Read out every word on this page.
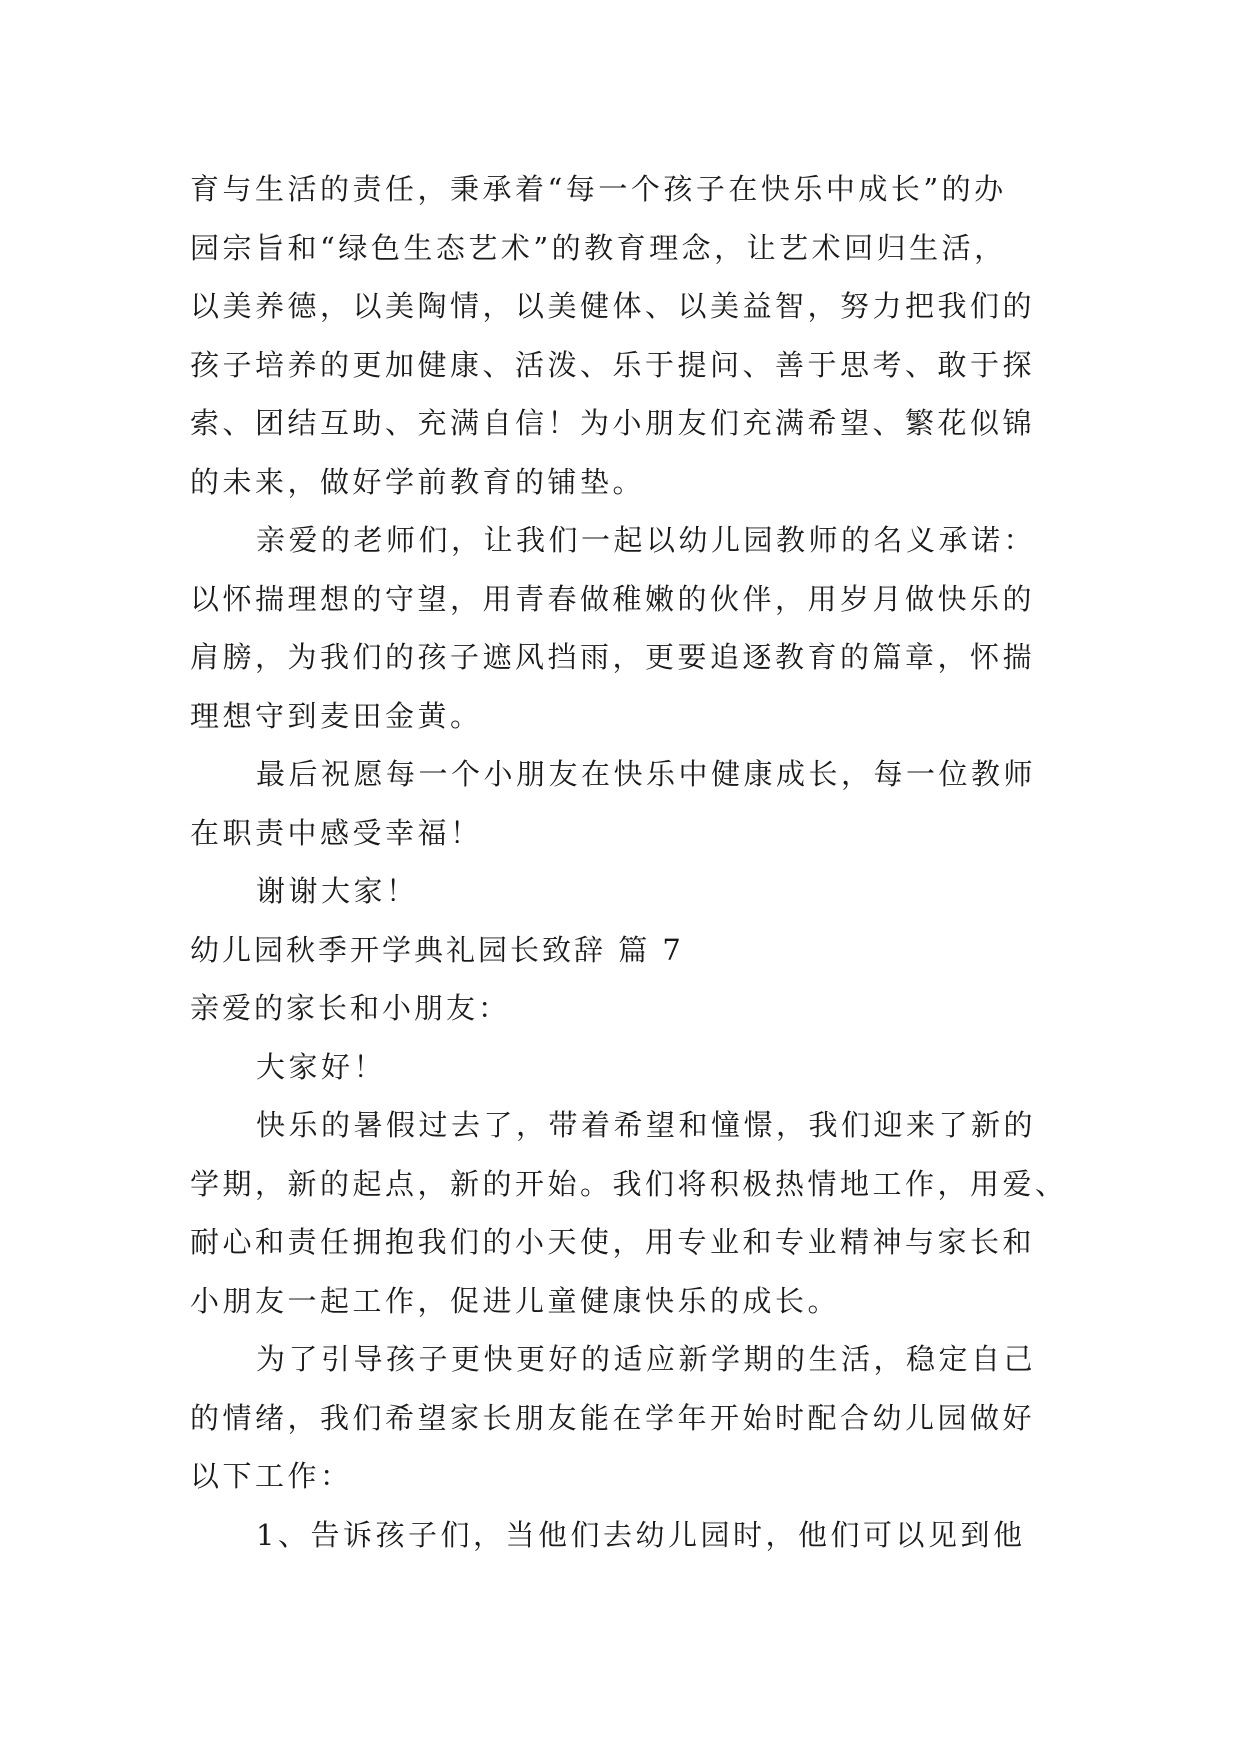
育与生活的责任，秉承着“每一个孩子在快乐中成长”的办
园宗旨和“绿色生态艺术”的教育理念，让艺术回归生活，
以美养德，以美陶情，以美健体、以美益智，努力把我们的
孩子培养的更加健康、活泼、乐于提问、善于思考、敢于探
索、团结互助、充满自信！为小朋友们充满希望、繁花似锦
的未来，做好学前教育的铺垫。
亲爱的老师们，让我们一起以幼儿园教师的名义承诺：
以怀揣理想的守望，用青春做稚嫩的伙伴，用岁月做快乐的
肩膀，为我们的孩子遮风挡雨，更要追逐教育的篇章，怀揣
理想守到麦田金黄。
最后祝愿每一个小朋友在快乐中健康成长，每一位教师
在职责中感受幸福！
谢谢大家！
幼儿园秋季开学典礼园长致辞 篇 7
亲爱的家长和小朋友：
大家好！
快乐的暑假过去了，带着希望和憧憬，我们迎来了新的
学期，新的起点，新的开始。我们将积极热情地工作，用爱、
耐心和责任拥抱我们的小天使，用专业和专业精神与家长和
小朋友一起工作，促进儿童健康快乐的成长。
为了引导孩子更快更好的适应新学期的生活，稳定自己
的情绪，我们希望家长朋友能在学年开始时配合幼儿园做好
以下工作：
1、告诉孩子们，当他们去幼儿园时，他们可以见到他
